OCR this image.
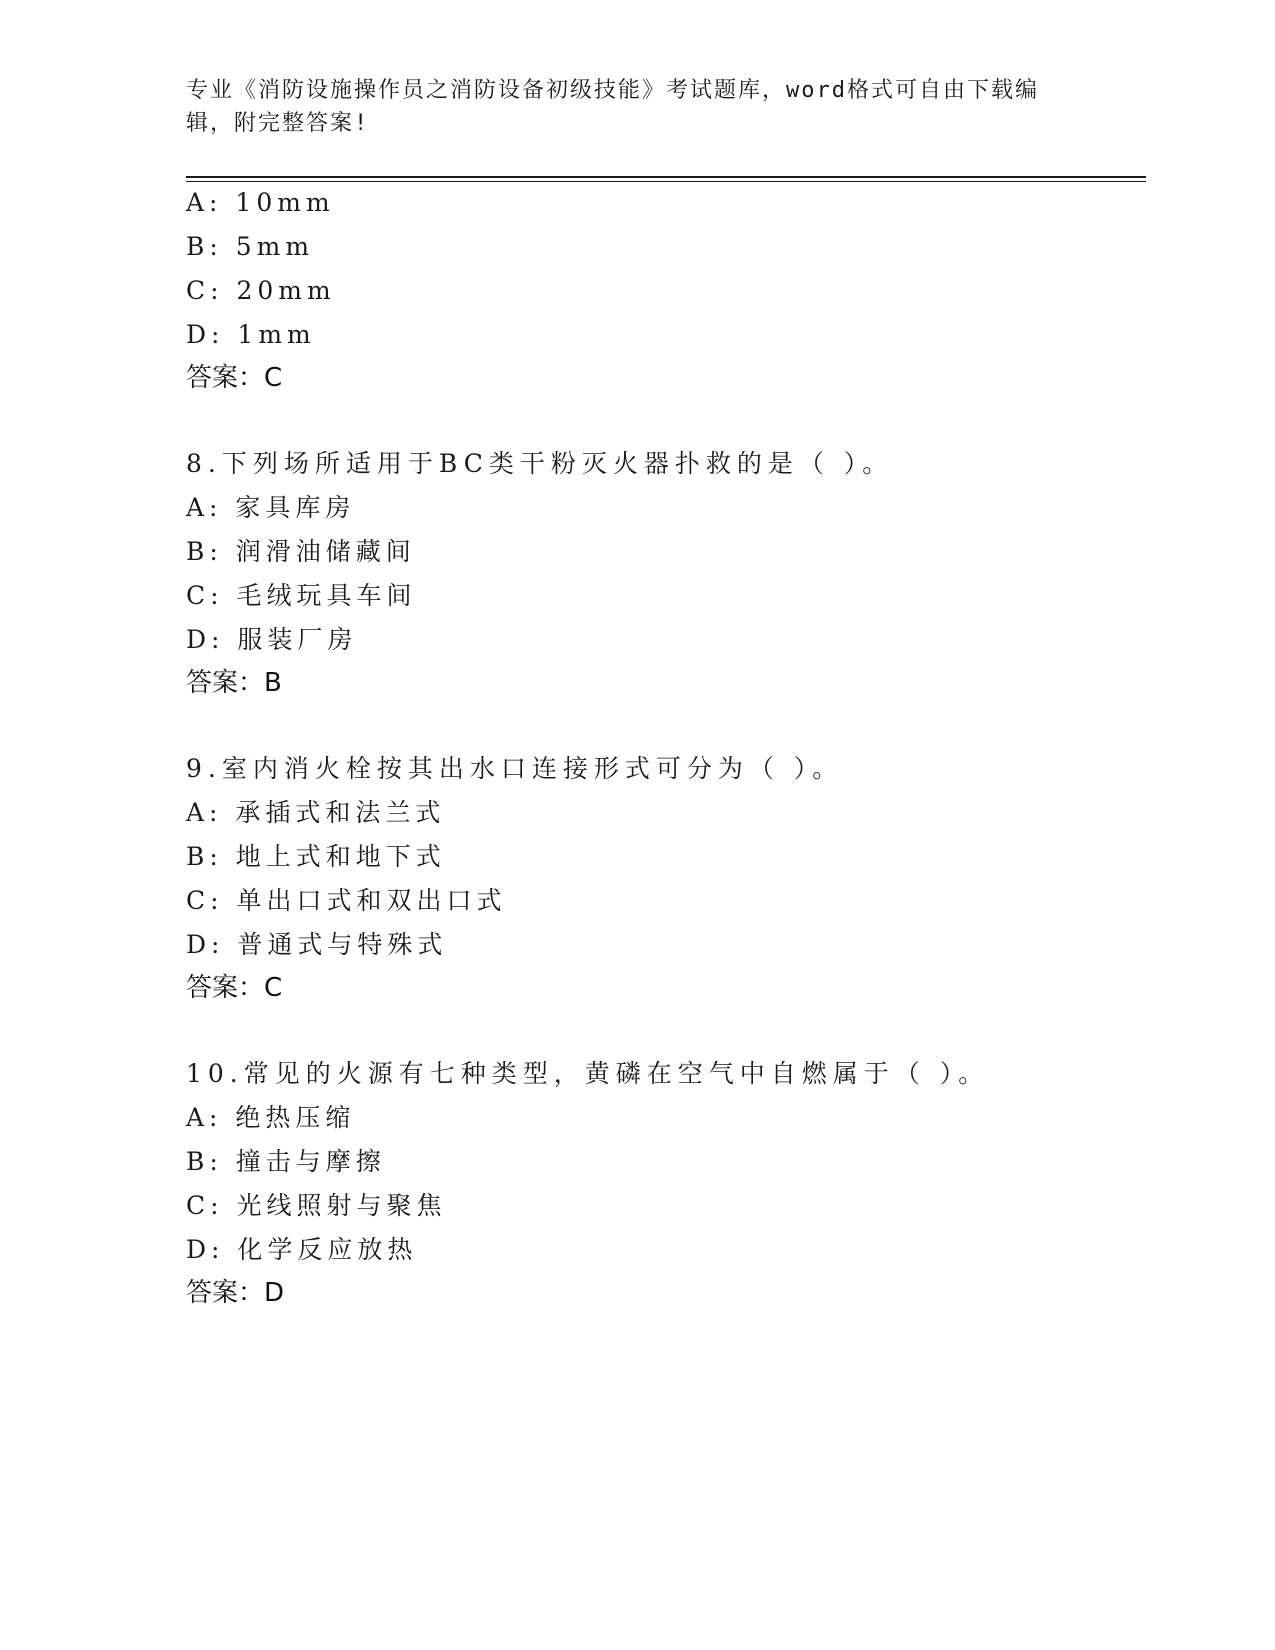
专业《消防设施操作员之消防设备初级技能》考试题库，word格式可自由下载编
辑，附完整答案!
A: 10mm
B: 5mm
C: 20mm
D: 1mm
答案：C
8.下列场所适用于BC类干粉灭火器扑救的是（ ）。
A: 家具库房
B: 润滑油储藏间
C: 毛绒玩具车间
D: 服装厂房
答案：B
9.室内消火栓按其出水口连接形式可分为（ ）。
A: 承插式和法兰式
B: 地上式和地下式
C: 单出口式和双出口式
D: 普通式与特殊式
答案：C
10.常见的火源有七种类型，黄磷在空气中自燃属于（ ）。
A: 绝热压缩
B: 撞击与摩擦
C: 光线照射与聚焦
D: 化学反应放热
答案：D
